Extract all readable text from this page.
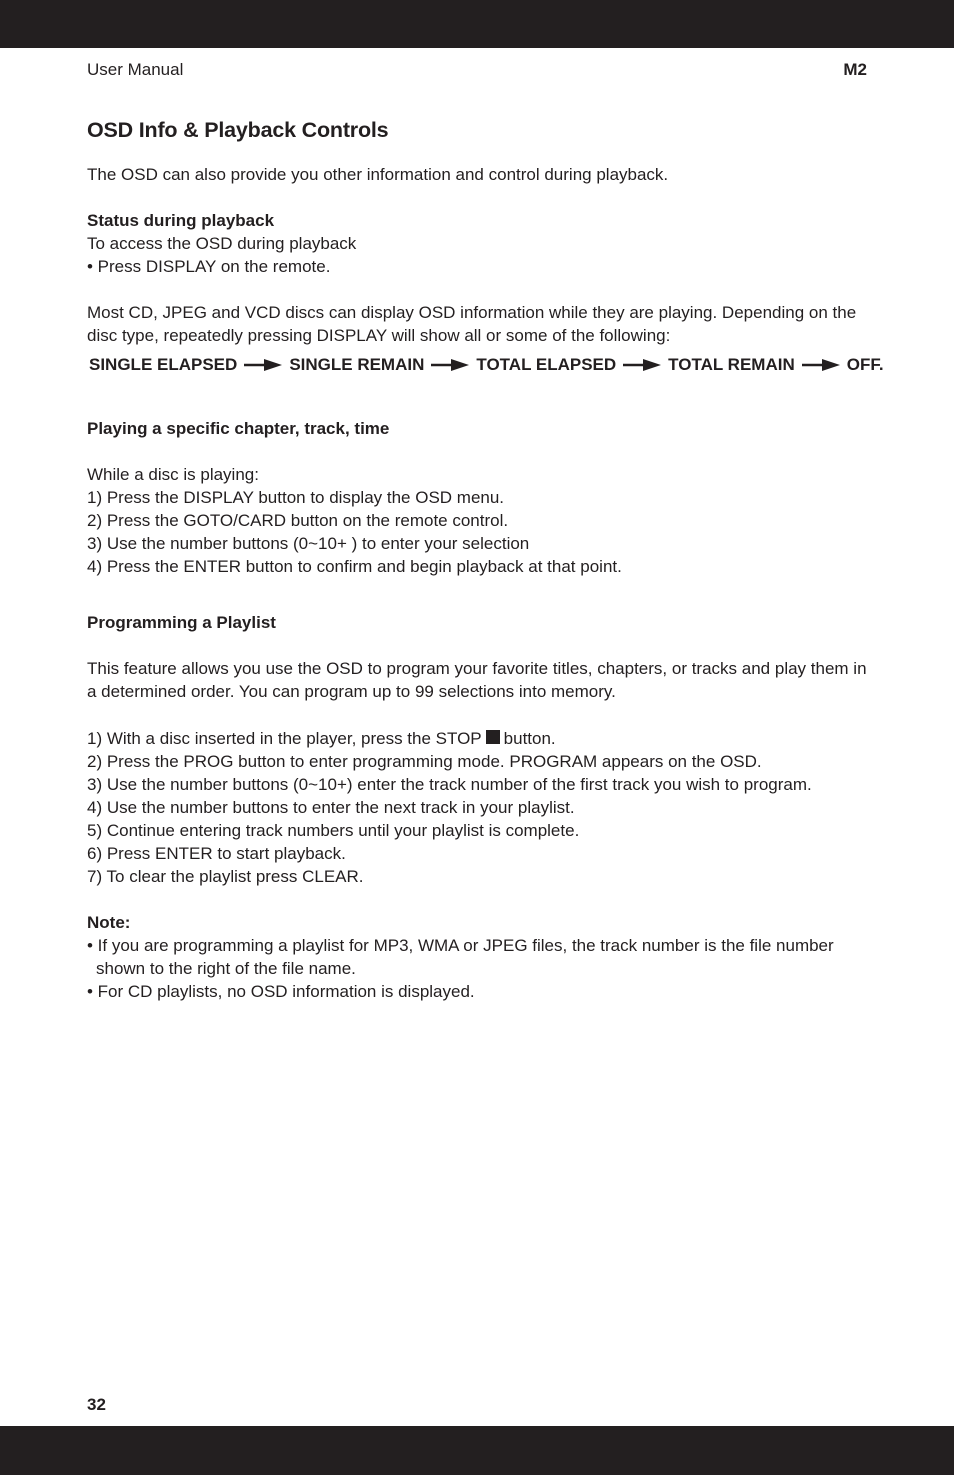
User Manual	M2
OSD Info & Playback Controls

The OSD can also provide you other information and control during playback.

Status during playback

To access the OSD during playback

• Press DISPLAY on the remote.

Most CD, JPEG and VCD discs can display OSD information while they are playing. Depending on the disc type, repeatedly pressing DISPLAY will show all or some of the following:

SINGLE ELAPSED	SINGLE REMAIN	TOTAL ELAPSED	TOTAL REMAIN	OFF.

Playing a specific chapter, track, time

While a disc is playing:

1) Press the DISPLAY button to display the OSD menu.
2) Press the GOTO/CARD button on the remote control.
3) Use the number buttons (0~10+ ) to enter your selection
4) Press the ENTER button to confirm and begin playback at that point.

Programming a Playlist

This feature allows you use the OSD to program your favorite titles, chapters, or tracks and play them in a determined order. You can program up to 99 selections into memory.

1) With a disc inserted in the player, press the STOP button.
2) Press the PROG button to enter programming mode. PROGRAM appears on the OSD.
3) Use the number buttons (0~10+) enter the track number of the first track you wish to program.
4) Use the number buttons to enter the next track in your playlist.
5) Continue entering track numbers until your playlist is complete.
6) Press ENTER to start playback.
7) To clear the playlist press CLEAR.

Note:

• If you are programming a playlist for MP3, WMA or JPEG files, the track number is the file number shown to the right of the file name.
• For CD playlists, no OSD information is displayed.
32
